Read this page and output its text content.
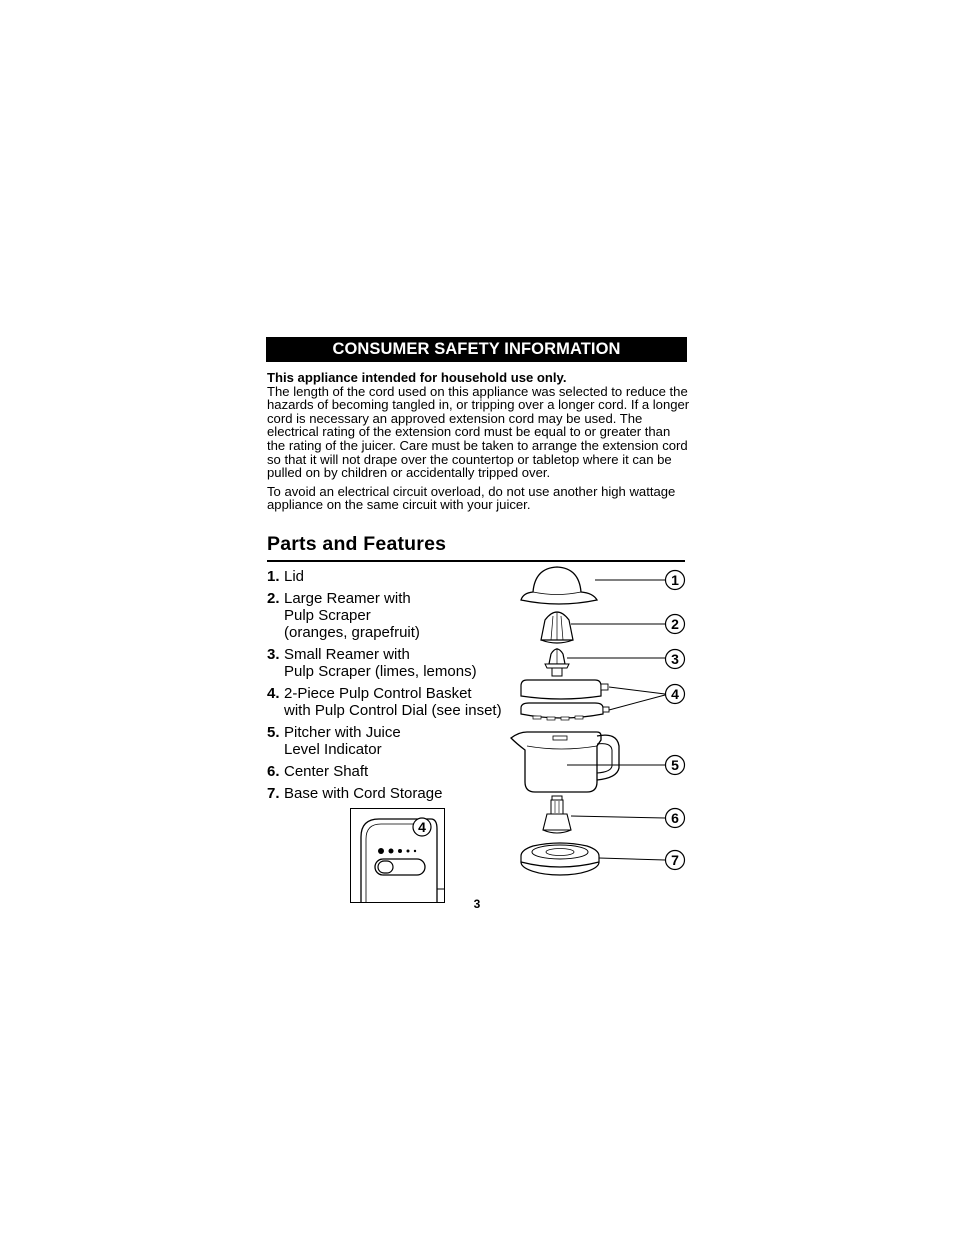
CONSUMER SAFETY INFORMATION

This appliance intended for household use only.

The length of the cord used on this appliance was selected to reduce the hazards of becoming tangled in, or tripping over a longer cord. If a longer cord is necessary an approved extension cord may be used. The electrical rating of the extension cord must be equal to or greater than the rating of the juicer. Care must be taken to arrange the extension cord so that it will not drape over the countertop or tabletop where it can be pulled on by children or accidentally tripped over.

To avoid an electrical circuit overload, do not use another high wattage appliance on the same circuit with your juicer.

Parts and Features
1. Lid
2. Large Reamer with
Pulp Scraper
(oranges, grapefruit)
3. Small Reamer with
Pulp Scraper (limes, lemons)
4. 2-Piece Pulp Control Basket
with Pulp Control Dial (see inset)
5. Pitcher with Juice
Level Indicator
6. Center Shaft
7. Base with Cord Storage
4
1
2
3
4
5
6
7
3
